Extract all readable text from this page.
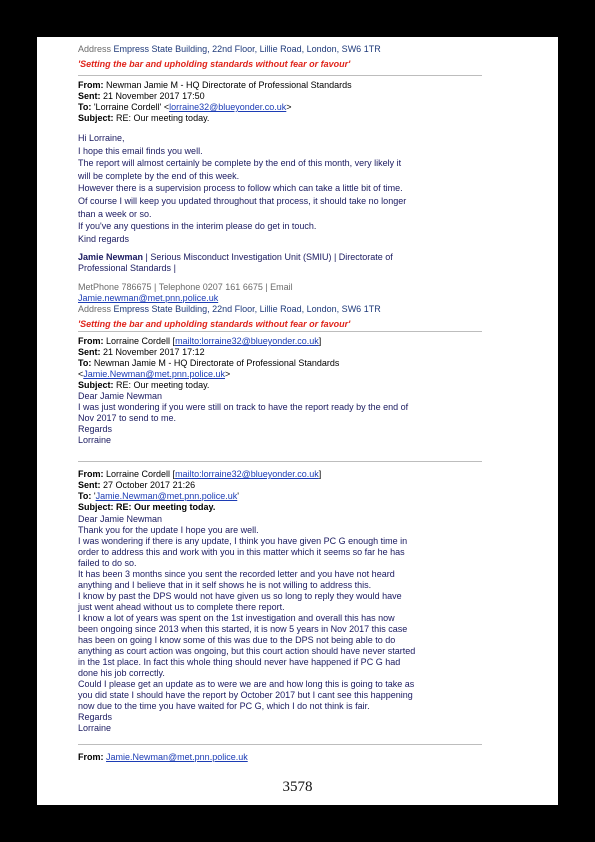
Address Empress State Building, 22nd Floor, Lillie Road, London, SW6 1TR
'Setting the bar and upholding standards without fear or favour'
From: Newman Jamie M - HQ Directorate of Professional Standards
Sent: 21 November 2017 17:50
To: 'Lorraine Cordell' <lorraine32@blueyonder.co.uk>
Subject: RE: Our meeting today.
Hi Lorraine,
I hope this email finds you well.
The report will almost certainly be complete by the end of this month, very likely it
will be complete by the end of this week.
However there is a supervision process to follow which can take a little bit of time.
Of course I will keep you updated throughout that process, it should take no longer
than a week or so.
If you've any questions in the interim please do get in touch.
Kind regards
Jamie Newman | Serious Misconduct Investigation Unit (SMIU) | Directorate of
Professional Standards |
MetPhone 786675 | Telephone 0207 161 6675 | Email
Jamie.newman@met.pnn.police.uk
Address Empress State Building, 22nd Floor, Lillie Road, London, SW6 1TR
'Setting the bar and upholding standards without fear or favour'
From: Lorraine Cordell [mailto:lorraine32@blueyonder.co.uk]
Sent: 21 November 2017 17:12
To: Newman Jamie M - HQ Directorate of Professional Standards
<Jamie.Newman@met.pnn.police.uk>
Subject: RE: Our meeting today.
Dear Jamie Newman
I was just wondering if you were still on track to have the report ready by the end of
Nov 2017 to send to me.
Regards
Lorraine
From: Lorraine Cordell [mailto:lorraine32@blueyonder.co.uk]
Sent: 27 October 2017 21:26
To: 'Jamie.Newman@met.pnn.police.uk'
Subject: RE: Our meeting today.
Dear Jamie Newman
Thank you for the update I hope you are well.
I was wondering if there is any update, I think you have given PC G enough time in
order to address this and work with you in this matter which it seems so far he has
failed to do so.
It has been 3 months since you sent the recorded letter and you have not heard
anything and I believe that in it self shows he is not willing to address this.
I know by past the DPS would not have given us so long to reply they would have
just went ahead without us to complete there report.
I know a lot of years was spent on the 1st investigation and overall this has now
been ongoing since 2013 when this started, it is now 5 years in Nov 2017 this case
has been on going I know some of this was due to the DPS not being able to do
anything as court action was ongoing, but this court action should have never started
in the 1st place. In fact this whole thing should never have happened if PC G had
done his job correctly.
Could I please get an update as to were we are and how long this is going to take as
you did state I should have the report by October 2017 but I cant see this happening
now due to the time you have waited for PC G, which I do not think is fair.
Regards
Lorraine
From: Jamie.Newman@met.pnn.police.uk
3578
